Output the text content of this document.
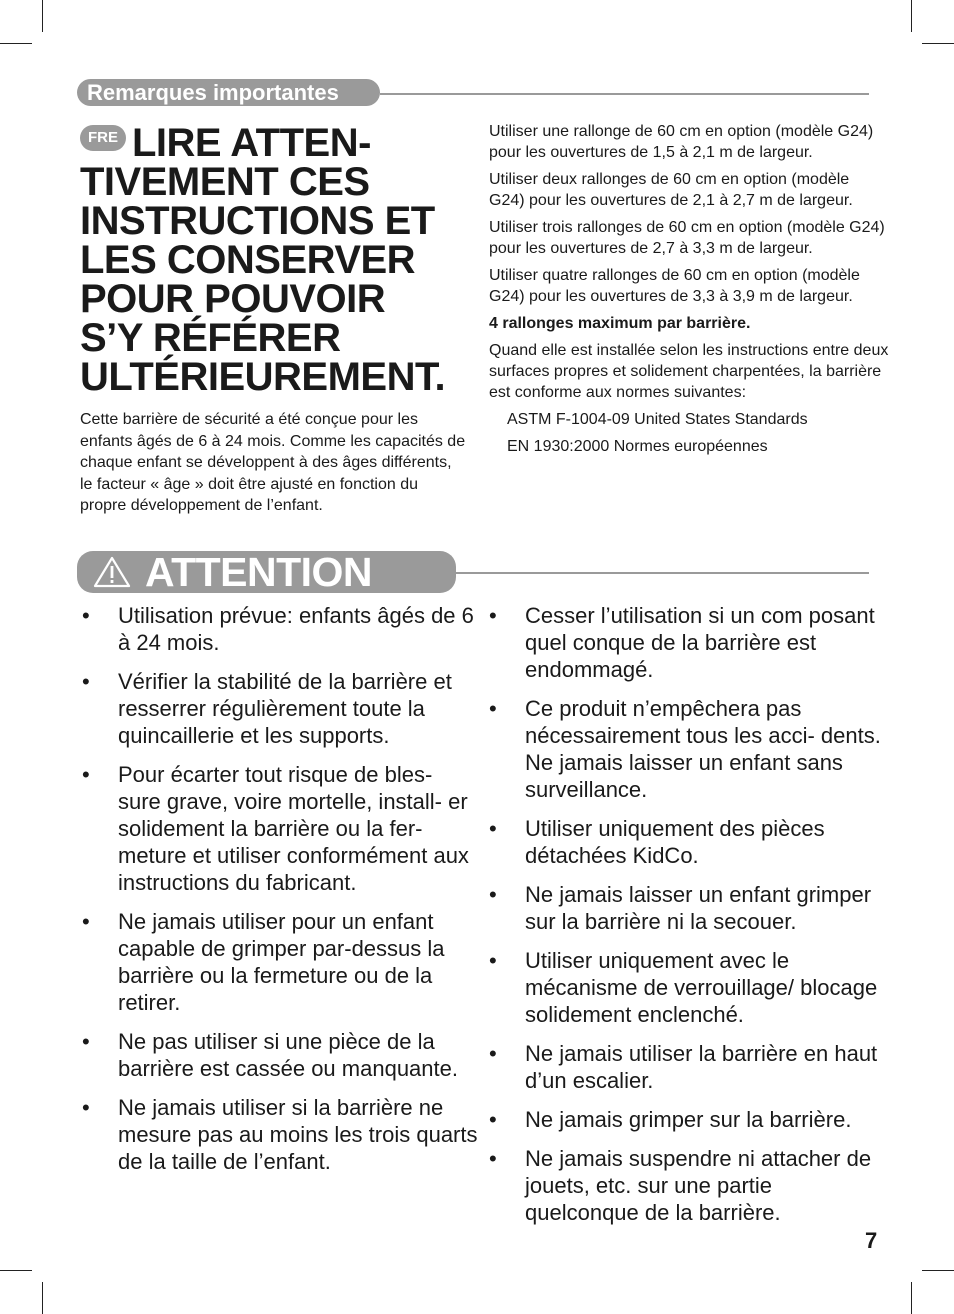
Remarques importantes
FRE LIRE ATTEN-
TIVEMENT CES
INSTRUCTIONS ET
LES CONSERVER
POUR POUVOIR
S’Y RÉFÉRER
ULTÉRIEUREMENT.

Cette barrière de sécurité a été conçue pour les enfants âgés de 6 à 24 mois. Comme les capacités de chaque enfant se développent à des âges différents, le facteur « âge » doit être ajusté en fonction du propre développement de l’enfant.

Utiliser une rallonge de 60 cm en option (modèle G24) pour les ouvertures de 1,5 à 2,1 m de largeur.

Utiliser deux rallonges de 60 cm en option (modèle G24) pour les ouvertures de 2,1 à 2,7 m de largeur.

Utiliser trois rallonges de 60 cm en option (modèle G24) pour les ouvertures de 2,7 à 3,3 m de largeur.

Utiliser quatre rallonges de 60 cm en option (modèle G24) pour les ouvertures de 3,3 à 3,9 m de largeur.

4 rallonges maximum par barrière.

Quand elle est installée selon les instructions entre deux surfaces propres et solidement charpentées, la barrière est conforme aux normes suivantes:

ASTM F-1004-09 United States Standards

EN 1930:2000 Normes européennes

ATTENTION
• Utilisation prévue: enfants âgés de 6 à 24 mois.
• Vérifier la stabilité de la barrière et resserrer régulièrement toute la quincaillerie et les supports.
• Pour écarter tout risque de bles- sure grave, voire mortelle, install- er solidement la barrière ou la fer- meture et utiliser conformément aux instructions du fabricant.
• Ne jamais utiliser pour un enfant capable de grimper par-dessus la barrière ou la fermeture ou de la retirer.
• Ne pas utiliser si une pièce de la barrière est cassée ou manquante.
• Ne jamais utiliser si la barrière ne mesure pas au moins les trois quarts de la taille de l’enfant.
• Cesser l’utilisation si un com posant quel conque de la barrière est endommagé.
• Ce produit n’empêchera pas nécessairement tous les acci- dents. Ne jamais laisser un enfant sans surveillance.
• Utiliser uniquement des pièces détachées KidCo.
• Ne jamais laisser un enfant grimper sur la barrière ni la secouer.
• Utiliser uniquement avec le mécanisme de verrouillage/ blocage solidement enclenché.
• Ne jamais utiliser la barrière en haut d’un escalier.
• Ne jamais grimper sur la barrière.
• Ne jamais suspendre ni attacher de jouets, etc. sur une partie quelconque de la barrière.
7
